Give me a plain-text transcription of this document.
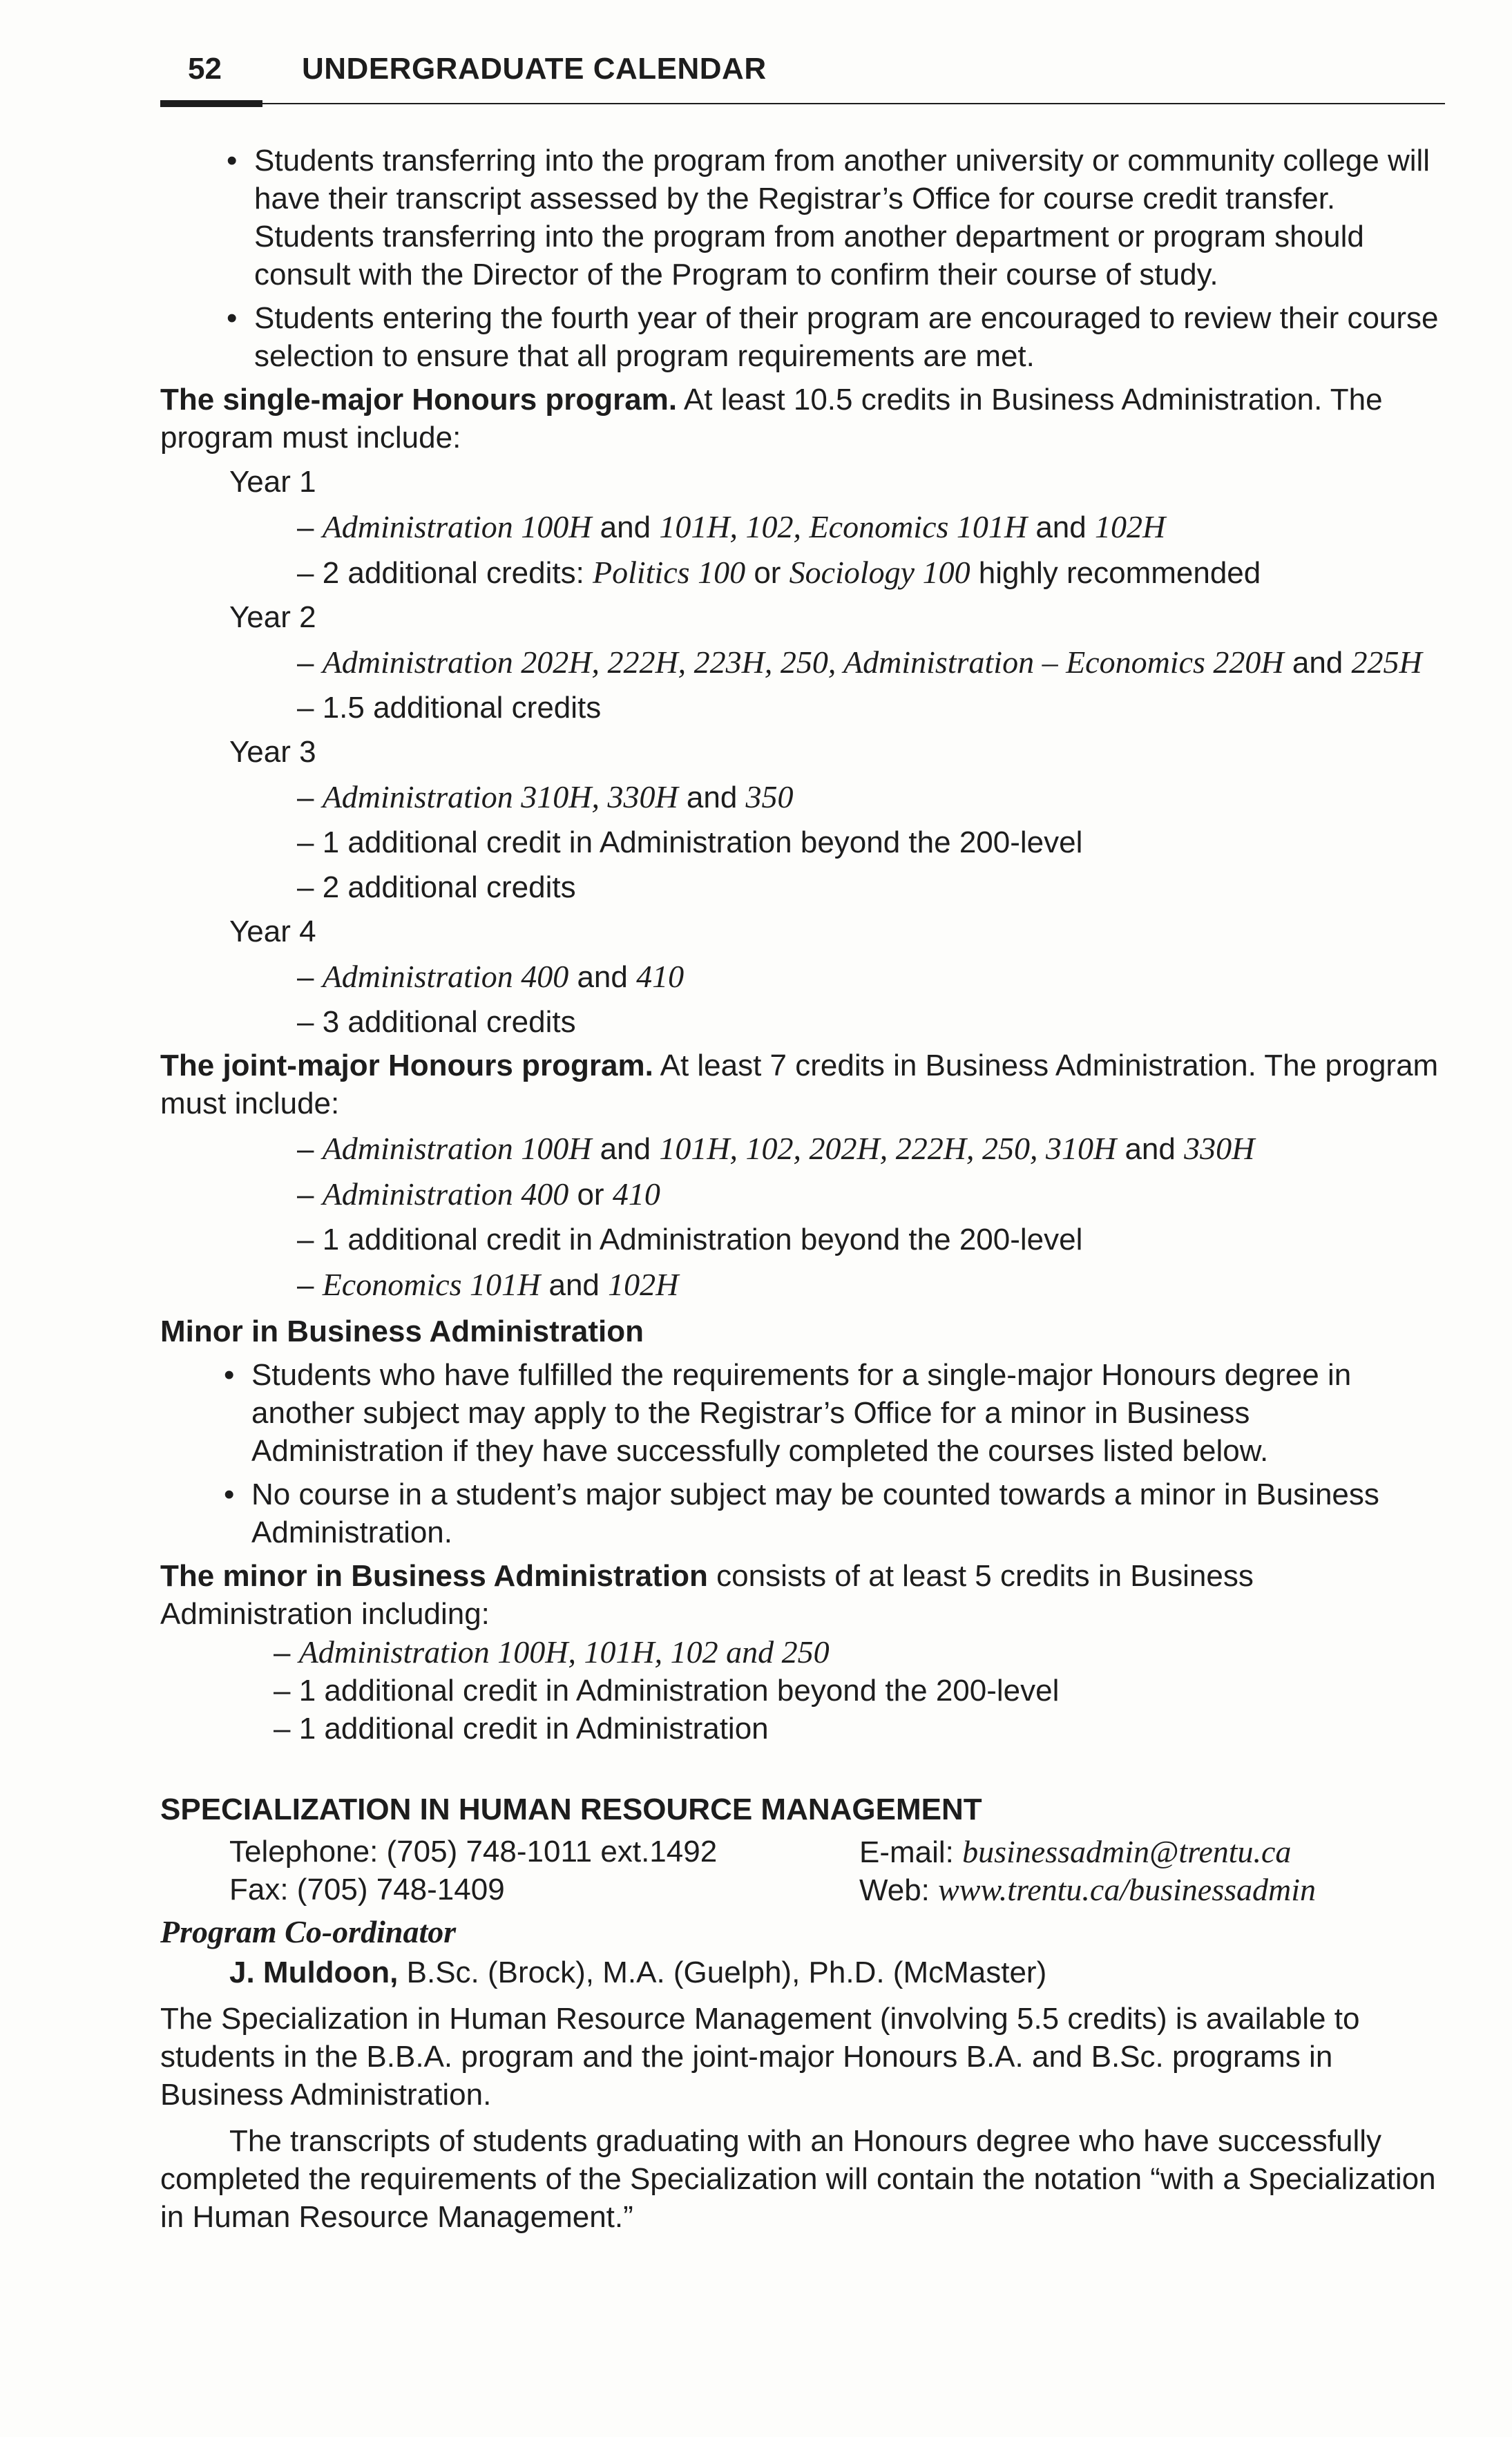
52	UNDERGRADUATE CALENDAR

• Students transferring into the program from another university or community college will have their transcript assessed by the Registrar’s Office for course credit transfer. Students transferring into the program from another department or program should consult with the Director of the Program to confirm their course of study.

• Students entering the fourth year of their program are encouraged to review their course selection to ensure that all program requirements are met.

The single-major Honours program. At least 10.5 credits in Business Administration. The program must include:

Year 1

– Administration 100H and 101H, 102, Economics 101H and 102H

– 2 additional credits: Politics 100 or Sociology 100 highly recommended

Year 2

– Administration 202H, 222H, 223H, 250, Administration – Economics 220H and 225H

– 1.5 additional credits

Year 3

– Administration 310H, 330H and 350

– 1 additional credit in Administration beyond the 200-level

– 2 additional credits

Year 4

– Administration 400 and 410

– 3 additional credits

The joint-major Honours program. At least 7 credits in Business Administration. The program must include:

– Administration 100H and 101H, 102, 202H, 222H, 250, 310H and 330H

– Administration 400 or 410

– 1 additional credit in Administration beyond the 200-level

– Economics 101H and 102H

Minor in Business Administration

• Students who have fulfilled the requirements for a single-major Honours degree in another subject may apply to the Registrar’s Office for a minor in Business Administration if they have successfully completed the courses listed below.

• No course in a student’s major subject may be counted towards a minor in Business Administration.

The minor in Business Administration consists of at least 5 credits in Business Administration including:

– Administration 100H, 101H, 102 and 250

– 1 additional credit in Administration beyond the 200-level

– 1 additional credit in Administration

SPECIALIZATION IN HUMAN RESOURCE MANAGEMENT

Telephone: (705) 748-1011 ext.1492	E-mail: businessadmin@trentu.ca
Fax: (705) 748-1409	Web: www.trentu.ca/businessadmin

Program Co-ordinator

J. Muldoon, B.Sc. (Brock), M.A. (Guelph), Ph.D. (McMaster)

The Specialization in Human Resource Management (involving 5.5 credits) is available to students in the B.B.A. program and the joint-major Honours B.A. and B.Sc. programs in Business Administration.

The transcripts of students graduating with an Honours degree who have successfully completed the requirements of the Specialization will contain the notation “with a Specialization in Human Resource Management.”
